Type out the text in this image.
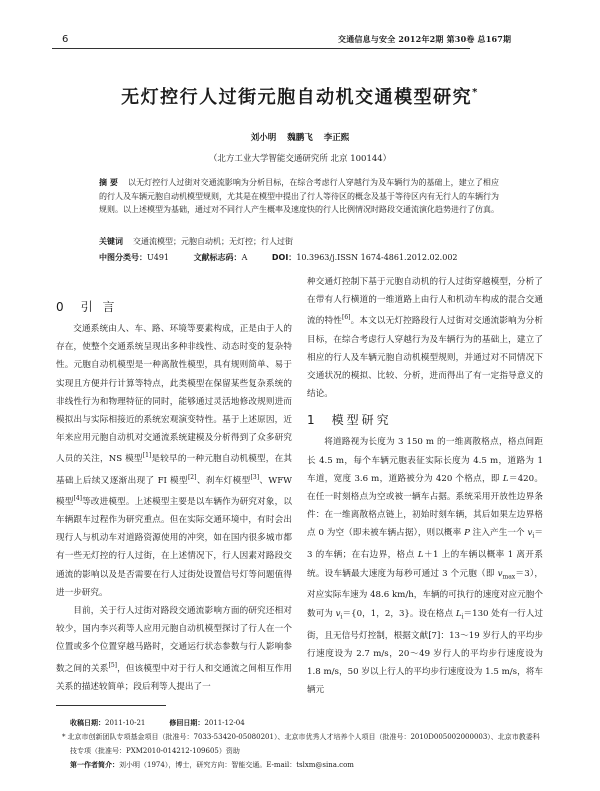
6	交通信息与安全 2012年2期 第30卷 总167期
无灯控行人过街元胞自动机交通模型研究*
刘小明 魏鹏飞 李正熙
（北方工业大学智能交通研究所 北京 100144）
摘 要 以无灯控行人过街对交通流影响为分析目标，在综合考虑行人穿越行为及车辆行为的基础上，建立了相应的行人及车辆元胞自动机模型规则，尤其是在模型中提出了行人等待区的概念及基于等待区内有无行人的车辆行为规则。以上述模型为基础，通过对不同行人产生概率及速度快的行人比例情况时路段交通流演化趋势进行了仿真。
关键词 交通流模型；元胞自动机；无灯控；行人过街
中图分类号：U491	文献标志码：A	DOI：10.3963/j.ISSN 1674-4861.2012.02.002
0 引 言

交通系统由人、车、路、环境等要素构成，正是由于人的存在，使整个交通系统呈现出多种非线性、动态时变的复杂特性。元胞自动机模型是一种离散性模型，具有规则简单、易于实现且方便并行计算等特点，此类模型在保留某些复杂系统的非线性行为和物理特征的同时，能够通过灵活地修改规则进而模拟出与实际相接近的系统宏观演变特性。基于上述原因，近年来应用元胞自动机对交通流系统建模及分析得到了众多研究人员的关注，NS 模型[1]是较早的一种元胞自动机模型，在其基础上后续又逐渐出现了 FI 模型[2]、刹车灯模型[3]、WFW 模型[4]等改进模型。上述模型主要是以车辆作为研究对象，以车辆跟车过程作为研究重点。但在实际交通环境中，有时会出现行人与机动车对道路资源使用的冲突，如在国内很多城市都有一些无灯控的行人过街，在上述情况下，行人因素对路段交通流的影响以及是否需要在行人过街处设置信号灯等问题值得进一步研究。

目前，关于行人过街对路段交通流影响方面的研究还相对较少，国内李兴莉等人应用元胞自动机模型探讨了行人在一个位置或多个位置穿越马路时，交通运行状态参数与行人影响参数之间的关系[5]，但该模型中对于行人和交通流之间相互作用关系的描述较简单；段后利等人提出了一

种交通灯控制下基于元胞自动机的行人过街穿越模型，分析了在带有人行横道的一维道路上由行人和机动车构成的混合交通流的特性[6]。本文以无灯控路段行人过街对交通流影响为分析目标，在综合考虑行人穿越行为及车辆行为的基础上，建立了相应的行人及车辆元胞自动机模型规则，并通过对不同情况下交通状况的模拟、比较、分析，进而得出了有一定指导意义的结论。

1 模型研究

将道路视为长度为 3 150 m 的一维离散格点，格点间距长 4.5 m，每个车辆元胞表征实际长度为 4.5 m，道路为 1 车道，宽度 3.6 m，道路被分为 420 个格点，即 L＝420。在任一时刻格点为空或被一辆车占据。系统采用开放性边界条件：在一维离散格点链上，初始时刻车辆，其后如果左边界格点 0 为空（即未被车辆占据），则以概率 P 注入产生一个 $v_i=3$ 的车辆；在右边界，格点 L＋1 上的车辆以概率 1 离开系统。设车辆最大速度为每秒可通过 3 个元胞（即 $v_{max}=3$），对应实际车速为 48.6 km/h，车辆的可执行的速度对应元胞个数可为 $v_i=\{0$，1，2，3}。设在格点 $L_i=130$ 处有一行人过街，且无信号灯控制，根据文献[7]：13～19 岁行人的平均步行速度设为 2.7 m/s，20～49 岁行人的平均步行速度设为 1.8 m/s，50 岁以上行人的平均步行速度设为 1.5 m/s，将车辆元

收稿日期：2011-10-21	修回日期：2011-12-04
* 北京市创新团队专项基金项目（批准号：7033-53420-05080201）、北京市优秀人才培养个人项目（批准号：2010D005002000003）、北京市教委科技专项（批准号：PXM2010-014212-109605）资助
第一作者简介：刘小明（1974），博士，研究方向：智能交通。E-mail：tslxm@sina.com
